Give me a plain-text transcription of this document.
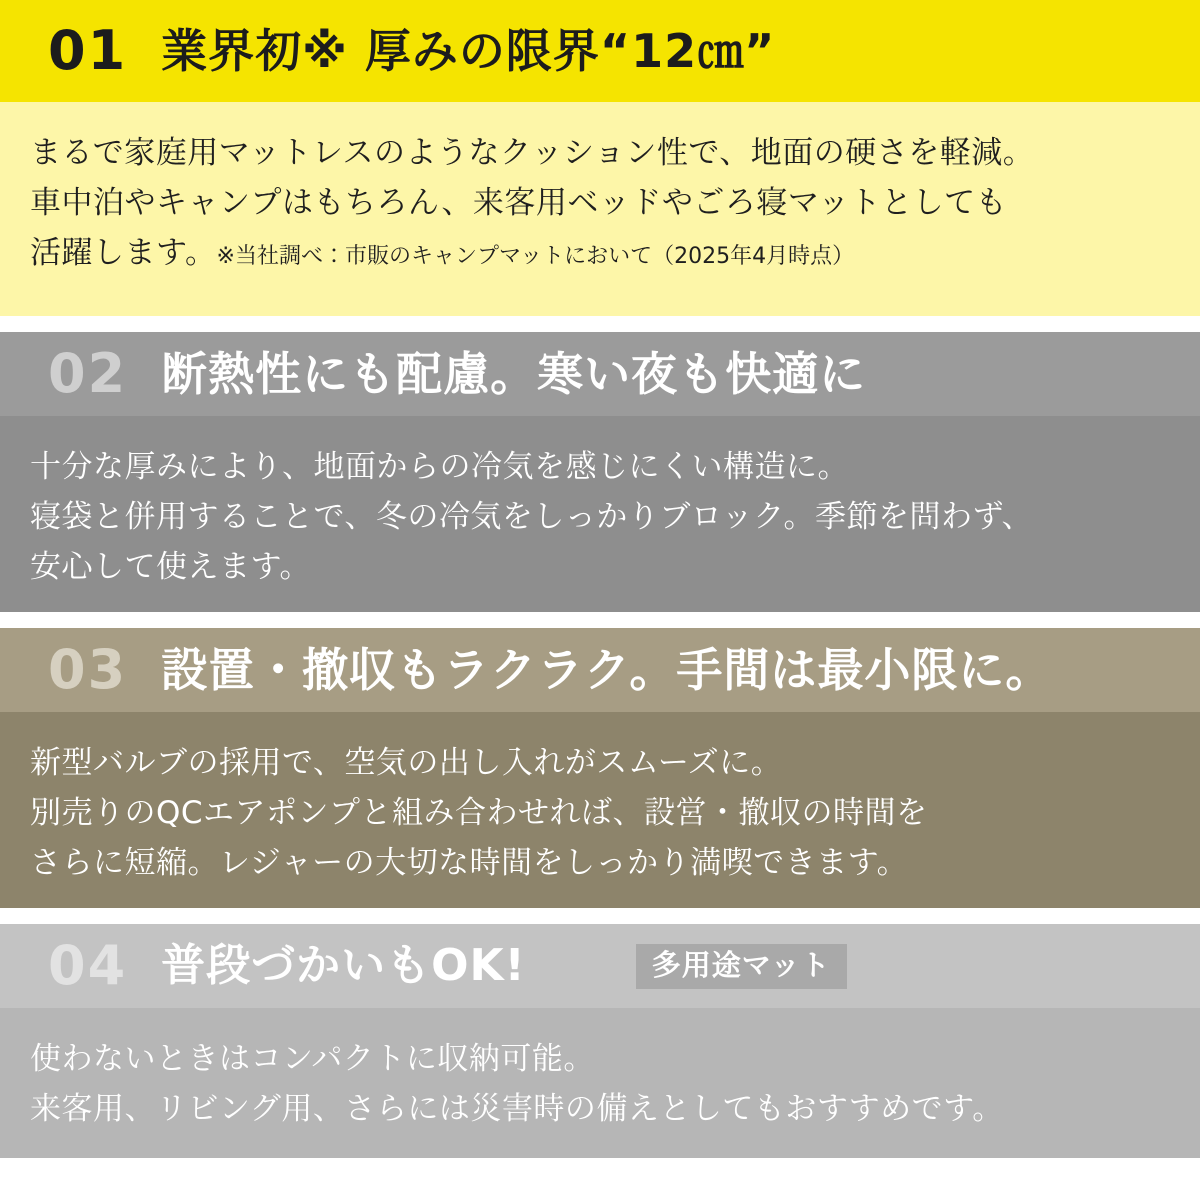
01 業界初※ 厚みの限界“12㎝”
まるで家庭用マットレスのようなクッション性で、地面の硬さを軽減。
車中泊やキャンプはもちろん、来客用ベッドやごろ寝マットとしても
活躍します。※当社調べ：市販のキャンプマットにおいて（2025年4月時点）
02 断熱性にも配慮。寒い夜も快適に
十分な厚みにより、地面からの冷気を感じにくい構造に。
寝袋と併用することで、冬の冷気をしっかりブロック。季節を問わず、
安心して使えます。
03 設置・撤収もラクラク。手間は最小限に。
新型バルブの採用で、空気の出し入れがスムーズに。
別売りのQCエアポンプと組み合わせれば、設営・撤収の時間を
さらに短縮。レジャーの大切な時間をしっかり満喫できます。
04 普段づかいもOK!	多用途マット
使わないときはコンパクトに収納可能。
来客用、リビング用、さらには災害時の備えとしてもおすすめです。
